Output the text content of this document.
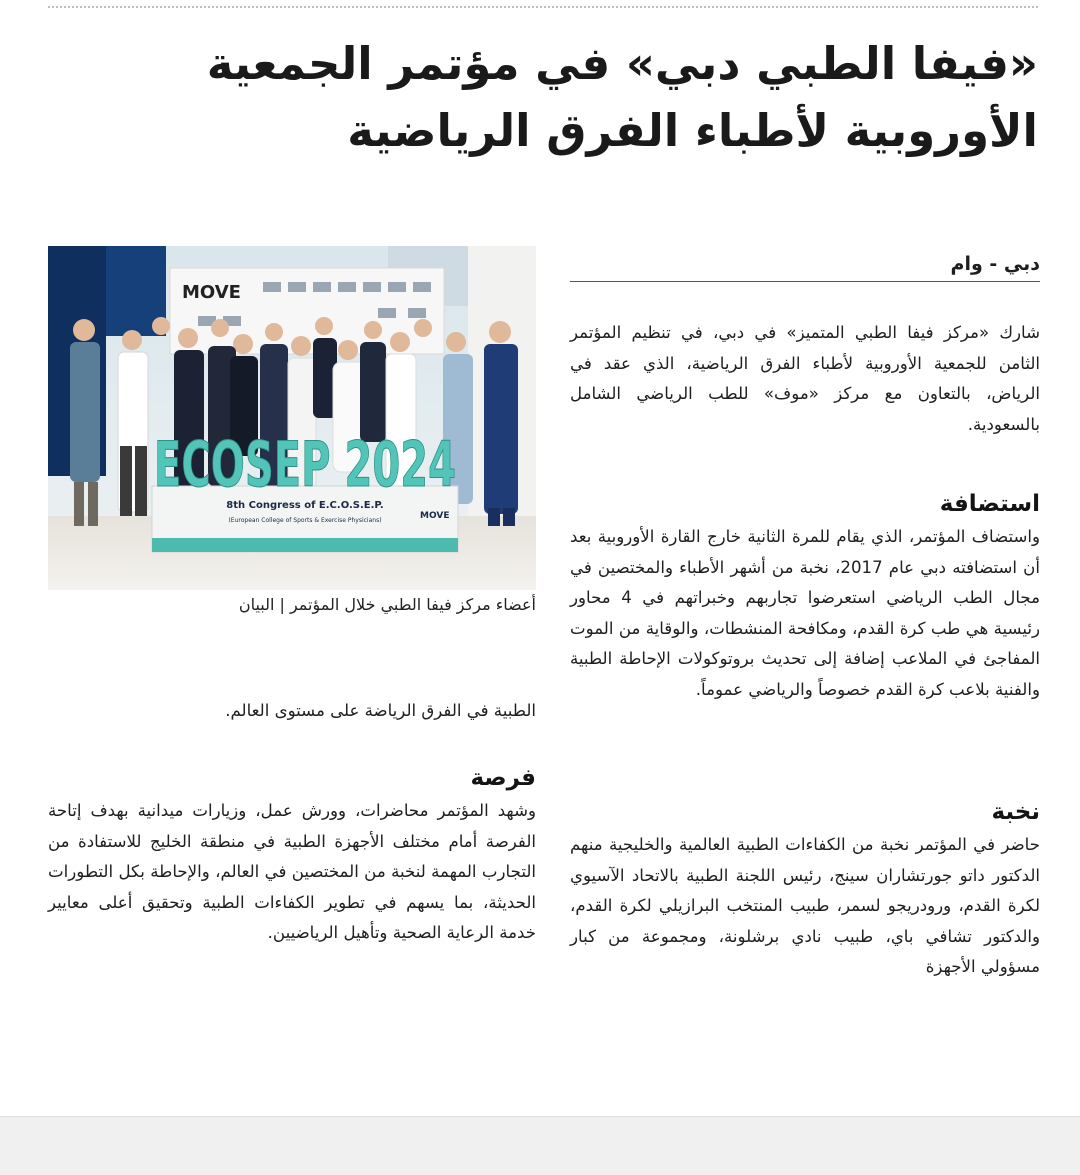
«فيفا الطبي دبي» في مؤتمر الجمعية
الأوروبية لأطباء الفرق الرياضية
دبي - وام
MOVE
ECOSEP 2024
8th Congress of E.C.O.S.E.P.
(European College of Sports & Exercise Physicians)	MOVE
أعضاء مركز فيفا الطبي خلال المؤتمر | البيان

شارك «مركز فيفا الطبي المتميز» في دبي، في تنظيم المؤتمر الثامن للجمعية الأوروبية لأطباء الفرق الرياضية، الذي عقد في الرياض، بالتعاون مع مركز «موف» للطب الرياضي الشامل بالسعودية.

استضافة

واستضاف المؤتمر، الذي يقام للمرة الثانية خارج القارة الأوروبية بعد أن استضافته دبي عام 2017، نخبة من أشهر الأطباء والمختصين في مجال الطب الرياضي استعرضوا تجاربهم وخبراتهم في 4 محاور رئيسية هي طب كرة القدم، ومكافحة المنشطات، والوقاية من الموت المفاجئ في الملاعب إضافة إلى تحديث بروتوكولات الإحاطة الطبية والفنية بلاعب كرة القدم خصوصاً والرياضي عموماً.

نخبة

حاضر في المؤتمر نخبة من الكفاءات الطبية العالمية والخليجية منهم الدكتور داتو جورتشاران سينج، رئيس اللجنة الطبية بالاتحاد الآسيوي لكرة القدم، ورودريجو لسمر، طبيب المنتخب البرازيلي لكرة القدم، والدكتور تشافي باي، طبيب نادي برشلونة، ومجموعة من كبار مسؤولي الأجهزة

الطبية في الفرق الرياضة على مستوى العالم.

فرصة

وشهد المؤتمر محاضرات، وورش عمل، وزيارات ميدانية بهدف إتاحة الفرصة أمام مختلف الأجهزة الطبية في منطقة الخليج للاستفادة من التجارب المهمة لنخبة من المختصين في العالم، والإحاطة بكل التطورات الحديثة، بما يسهم في تطوير الكفاءات الطبية وتحقيق أعلى معايير خدمة الرعاية الصحية وتأهيل الرياضيين.
